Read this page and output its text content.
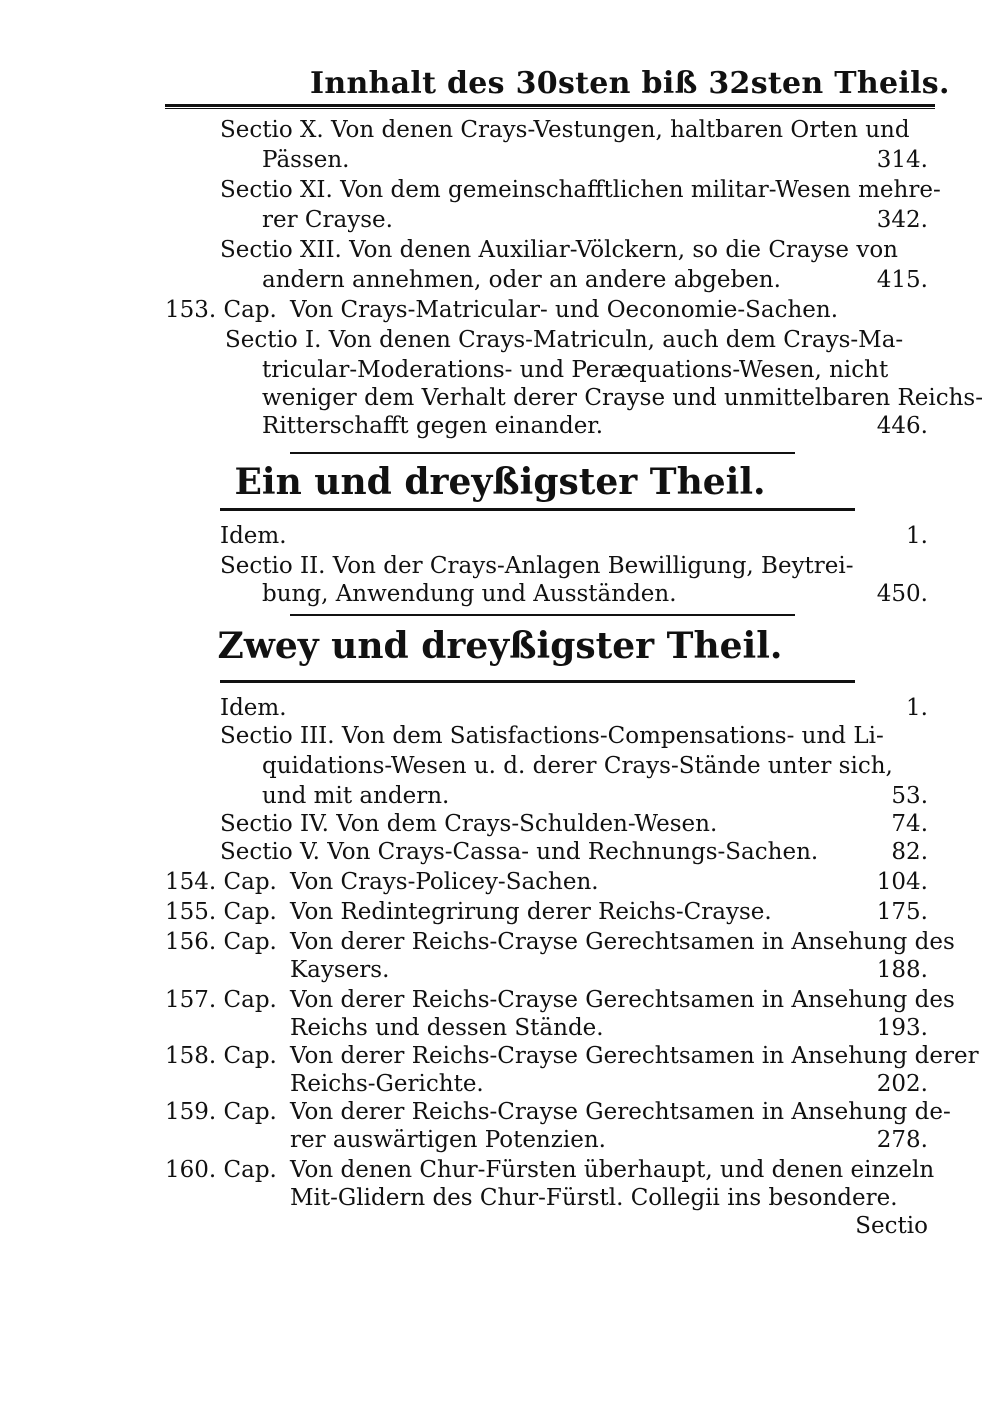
Innhalt des 30sten biß 32sten Theils.
Sectio X. Von denen Crays-Vestungen, haltbaren Orten und
Pässen.	314.
Sectio XI. Von dem gemeinschafftlichen militar-Wesen mehre-
rer Crayse.	342.
Sectio XII. Von denen Auxiliar-Völckern, so die Crayse von
andern annehmen, oder an andere abgeben.	415.
153. Cap. Von Crays-Matricular- und Oeconomie-Sachen.
Sectio I. Von denen Crays-Matriculn, auch dem Crays-Ma-
tricular-Moderations- und Peræquations-Wesen, nicht
weniger dem Verhalt derer Crayse und unmittelbaren Reichs-
Ritterschafft gegen einander.	446.
Ein und dreyßigster Theil.
Idem.	1.
Sectio II. Von der Crays-Anlagen Bewilligung, Beytrei-
bung, Anwendung und Ausständen.	450.
Zwey und dreyßigster Theil.
Idem.	1.
Sectio III. Von dem Satisfactions-Compensations- und Li-
quidations-Wesen u. d. derer Crays-Stände unter sich,
und mit andern.	53.
Sectio IV. Von dem Crays-Schulden-Wesen.	74.
Sectio V. Von Crays-Cassa- und Rechnungs-Sachen.	82.
154. Cap. Von Crays-Policey-Sachen.	104.
155. Cap. Von Redintegrirung derer Reichs-Crayse.	175.
156. Cap. Von derer Reichs-Crayse Gerechtsamen in Ansehung des
Kaysers.	188.
157. Cap. Von derer Reichs-Crayse Gerechtsamen in Ansehung des
Reichs und dessen Stände.	193.
158. Cap. Von derer Reichs-Crayse Gerechtsamen in Ansehung derer
Reichs-Gerichte.	202.
159. Cap. Von derer Reichs-Crayse Gerechtsamen in Ansehung de-
rer auswärtigen Potenzien.	278.
160. Cap. Von denen Chur-Fürsten überhaupt, und denen einzeln
Mit-Glidern des Chur-Fürstl. Collegii ins besondere.
Sectio
